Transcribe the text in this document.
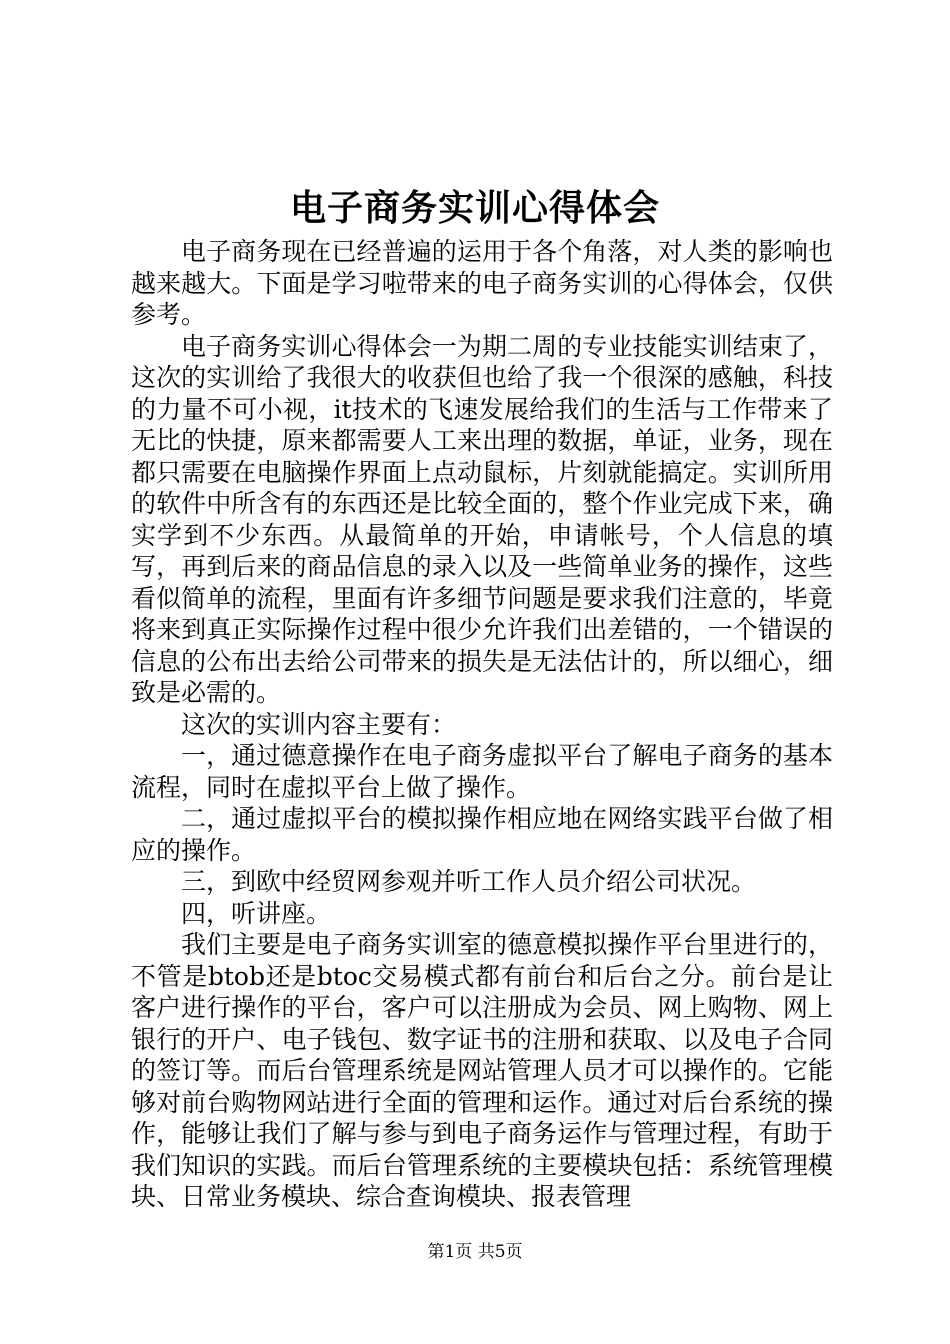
电子商务实训心得体会

电子商务现在已经普遍的运用于各个角落，对人类的影响也越来越大。下面是学习啦带来的电子商务实训的心得体会，仅供参考。

电子商务实训心得体会一为期二周的专业技能实训结束了，这次的实训给了我很大的收获但也给了我一个很深的感触，科技的力量不可小视，it技术的飞速发展给我们的生活与工作带来了无比的快捷，原来都需要人工来出理的数据，单证，业务，现在都只需要在电脑操作界面上点动鼠标，片刻就能搞定。实训所用的软件中所含有的东西还是比较全面的，整个作业完成下来，确实学到不少东西。从最简单的开始，申请帐号，个人信息的填写，再到后来的商品信息的录入以及一些简单业务的操作，这些看似简单的流程，里面有许多细节问题是要求我们注意的，毕竟将来到真正实际操作过程中很少允许我们出差错的，一个错误的信息的公布出去给公司带来的损失是无法估计的，所以细心，细致是必需的。

这次的实训内容主要有：

一，通过德意操作在电子商务虚拟平台了解电子商务的基本流程，同时在虚拟平台上做了操作。

二，通过虚拟平台的模拟操作相应地在网络实践平台做了相应的操作。

三，到欧中经贸网参观并听工作人员介绍公司状况。

四，听讲座。

我们主要是电子商务实训室的德意模拟操作平台里进行的，不管是btob还是btoc交易模式都有前台和后台之分。前台是让客户进行操作的平台，客户可以注册成为会员、网上购物、网上银行的开户、电子钱包、数字证书的注册和获取、以及电子合同的签订等。而后台管理系统是网站管理人员才可以操作的。它能够对前台购物网站进行全面的管理和运作。通过对后台系统的操作，能够让我们了解与参与到电子商务运作与管理过程，有助于我们知识的实践。而后台管理系统的主要模块包括：系统管理模块、日常业务模块、综合查询模块、报表管理

第1页 共5页
